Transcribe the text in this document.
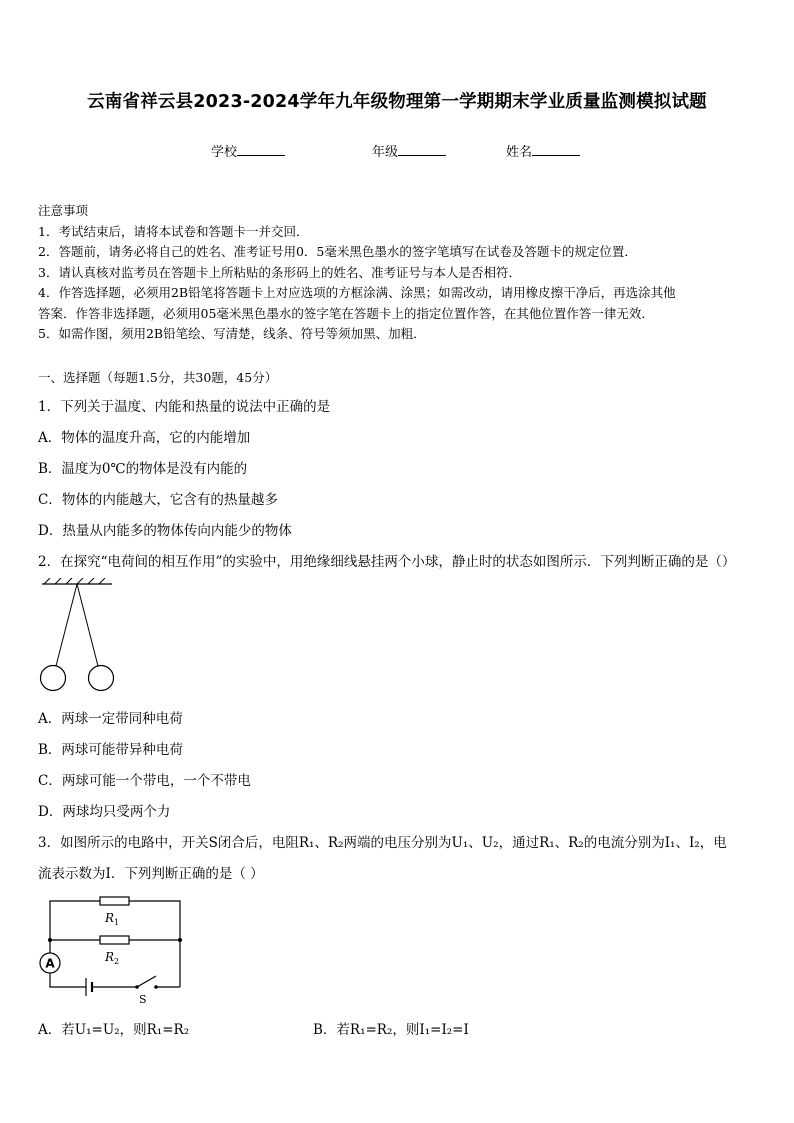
云南省祥云县2023-2024学年九年级物理第一学期期末学业质量监测模拟试题
学校	年级	姓名
注意事项
1．考试结束后，请将本试卷和答题卡一并交回．
2．答题前，请务必将自己的姓名、准考证号用0．5毫米黑色墨水的签字笔填写在试卷及答题卡的规定位置．
3．请认真核对监考员在答题卡上所粘贴的条形码上的姓名、准考证号与本人是否相符．
4．作答选择题，必须用2B铅笔将答题卡上对应选项的方框涂满、涂黑；如需改动，请用橡皮擦干净后，再选涂其他
答案．作答非选择题，必须用05毫米黑色墨水的签字笔在答题卡上的指定位置作答，在其他位置作答一律无效．
5．如需作图，须用2B铅笔绘、写清楚，线条、符号等须加黑、加粗．
一、选择题（每题1.5分，共30题，45分）
1．下列关于温度、内能和热量的说法中正确的是
A．物体的温度升高，它的内能增加
B．温度为0℃的物体是没有内能的
C．物体的内能越大，它含有的热量越多
D．热量从内能多的物体传向内能少的物体
2．在探究“电荷间的相互作用”的实验中，用绝缘细线悬挂两个小球，静止时的状态如图所示．下列判断正确的是（）
A．两球一定带同种电荷
B．两球可能带异种电荷
C．两球可能一个带电，一个不带电
D．两球均只受两个力
3．如图所示的电路中，开关S闭合后，电阻R₁、R₂两端的电压分别为U₁、U₂，通过R₁、R₂的电流分别为I₁、I₂，电
流表示数为I．下列判断正确的是（ ）
$R_1$
$R_2$
A
S
A．若U₁=U₂，则R₁=R₂	B．若R₁=R₂，则I₁=I₂=I
